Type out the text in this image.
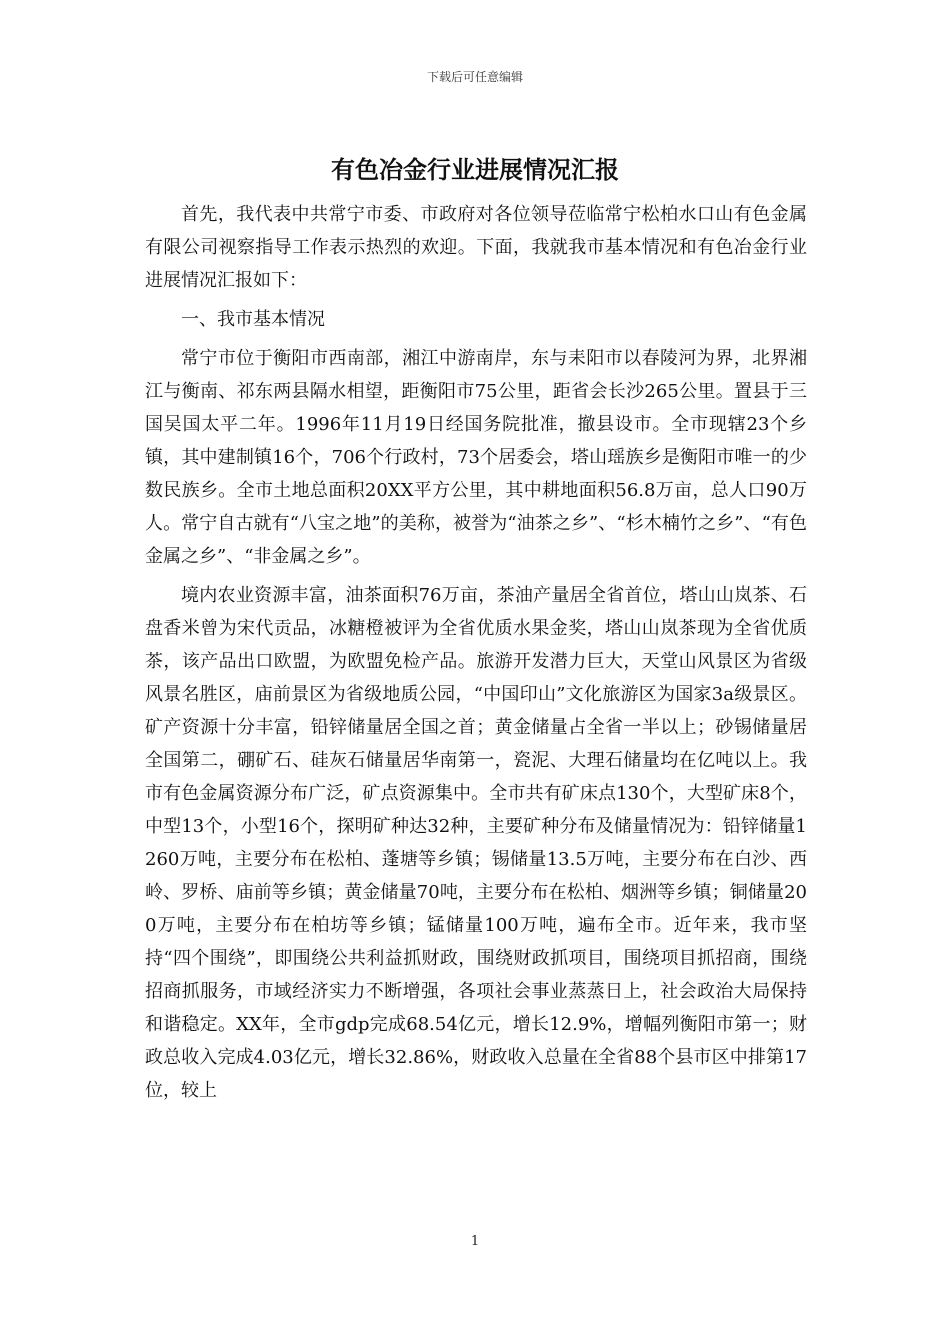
下载后可任意编辑
有色冶金行业进展情况汇报

首先，我代表中共常宁市委、市政府对各位领导莅临常宁松柏水口山有色金属有限公司视察指导工作表示热烈的欢迎。下面，我就我市基本情况和有色冶金行业进展情况汇报如下：

一、我市基本情况

常宁市位于衡阳市西南部，湘江中游南岸，东与耒阳市以春陵河为界，北界湘江与衡南、祁东两县隔水相望，距衡阳市75公里，距省会长沙265公里。置县于三国吴国太平二年。1996年11月19日经国务院批准，撤县设市。全市现辖23个乡镇，其中建制镇16个，706个行政村，73个居委会，塔山瑶族乡是衡阳市唯一的少数民族乡。全市土地总面积20XX平方公里，其中耕地面积56.8万亩，总人口90万人。常宁自古就有“八宝之地”的美称，被誉为“油茶之乡”、“杉木楠竹之乡”、“有色金属之乡”、“非金属之乡”。

境内农业资源丰富，油茶面积76万亩，茶油产量居全省首位，塔山山岚茶、石盘香米曾为宋代贡品，冰糖橙被评为全省优质水果金奖，塔山山岚茶现为全省优质茶，该产品出口欧盟，为欧盟免检产品。旅游开发潜力巨大，天堂山风景区为省级风景名胜区，庙前景区为省级地质公园，“中国印山”文化旅游区为国家3a级景区。矿产资源十分丰富，铅锌储量居全国之首；黄金储量占全省一半以上；砂锡储量居全国第二，硼矿石、硅灰石储量居华南第一，瓷泥、大理石储量均在亿吨以上。我市有色金属资源分布广泛，矿点资源集中。全市共有矿床点130个，大型矿床8个，中型13个，小型16个，探明矿种达32种，主要矿种分布及储量情况为：铅锌储量1260万吨，主要分布在松柏、蓬塘等乡镇；锡储量13.5万吨，主要分布在白沙、西岭、罗桥、庙前等乡镇；黄金储量70吨，主要分布在松柏、烟洲等乡镇；铜储量200万吨，主要分布在柏坊等乡镇；锰储量100万吨，遍布全市。近年来，我市坚持“四个围绕”，即围绕公共利益抓财政，围绕财政抓项目，围绕项目抓招商，围绕招商抓服务，市域经济实力不断增强，各项社会事业蒸蒸日上，社会政治大局保持和谐稳定。XX年，全市gdp完成68.54亿元，增长12.9%，增幅列衡阳市第一；财政总收入完成4.03亿元，增长32.86%，财政收入总量在全省88个县市区中排第17位，较上

1
